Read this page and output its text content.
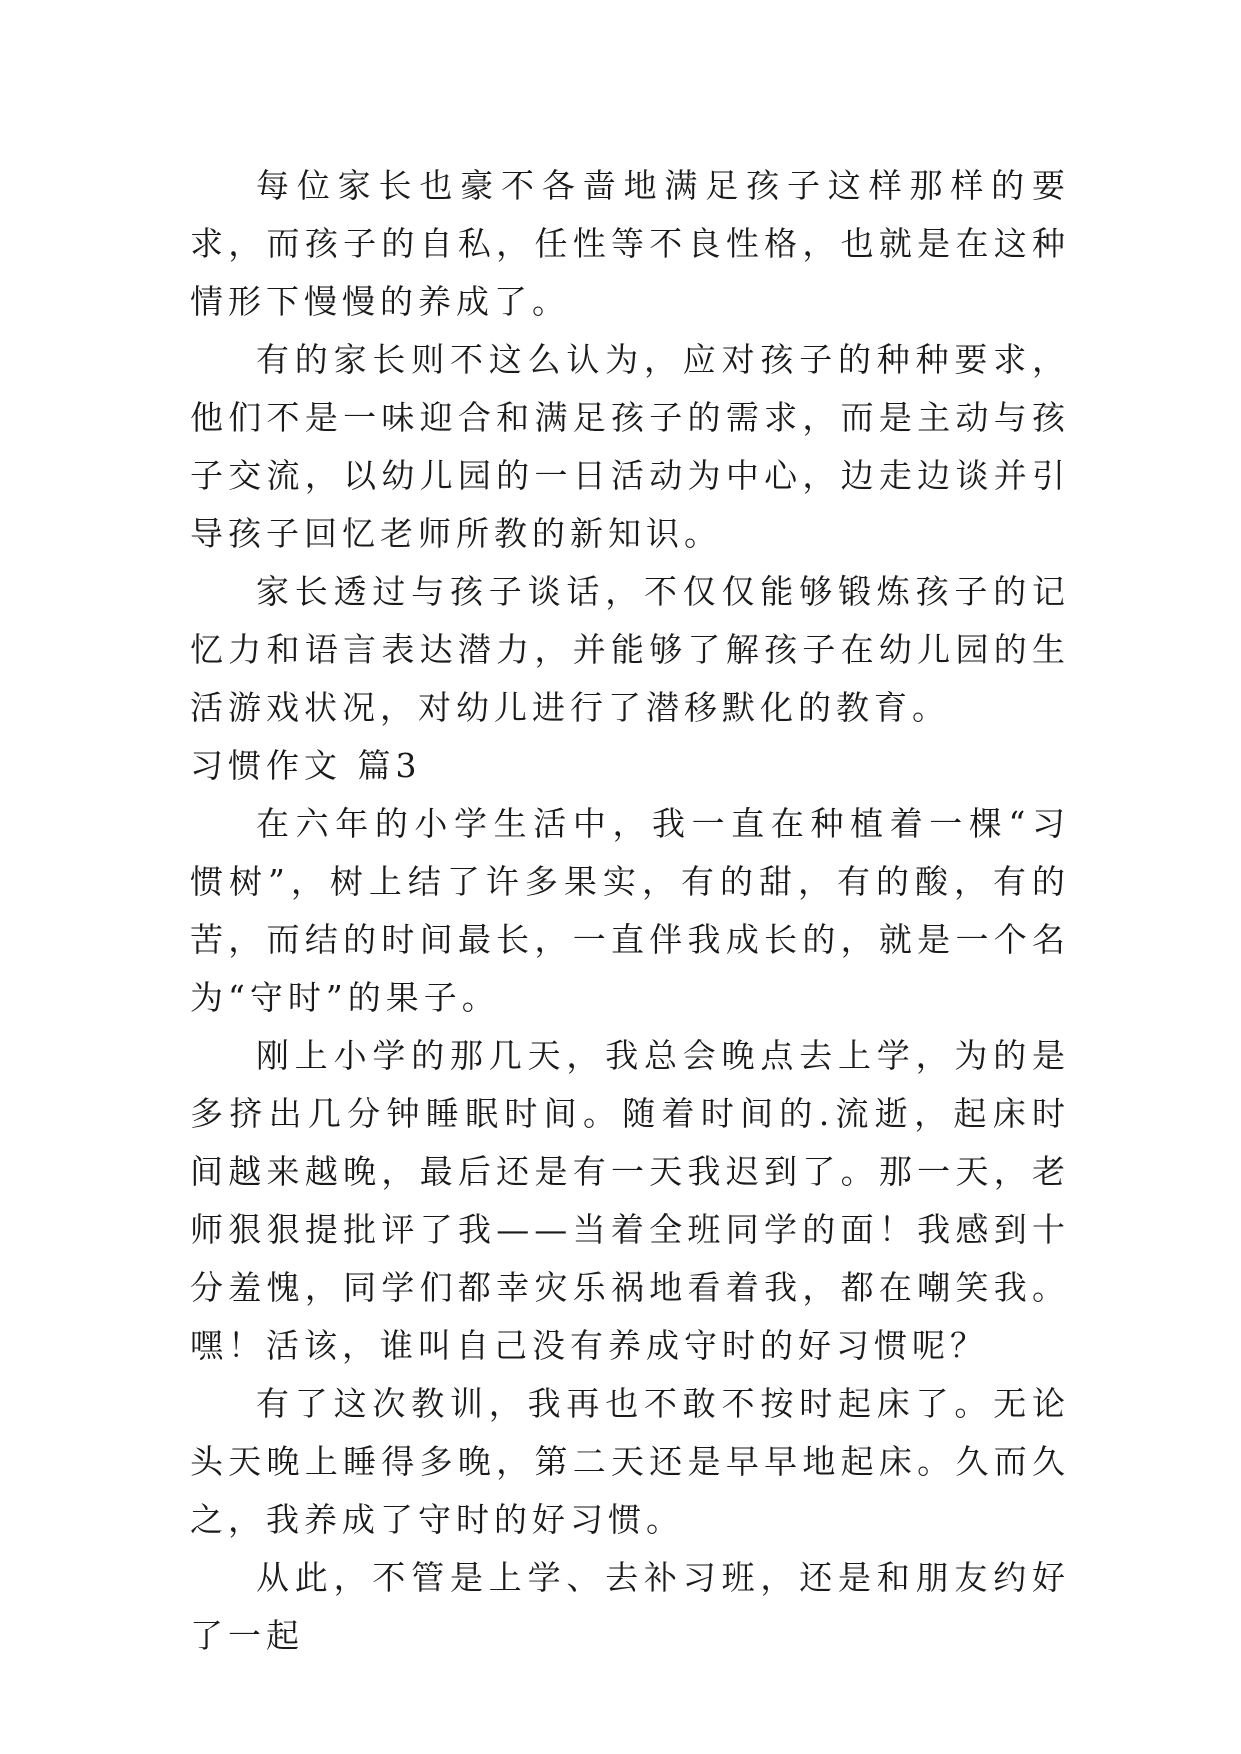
每位家长也豪不各啬地满足孩子这样那样的要求，而孩子的自私，任性等不良性格，也就是在这种情形下慢慢的养成了。

有的家长则不这么认为，应对孩子的种种要求，他们不是一味迎合和满足孩子的需求，而是主动与孩子交流，以幼儿园的一日活动为中心，边走边谈并引导孩子回忆老师所教的新知识。

家长透过与孩子谈话，不仅仅能够锻炼孩子的记忆力和语言表达潜力，并能够了解孩子在幼儿园的生活游戏状况，对幼儿进行了潜移默化的教育。

习惯作文 篇3

在六年的小学生活中，我一直在种植着一棵“习惯树”，树上结了许多果实，有的甜，有的酸，有的苦，而结的时间最长，一直伴我成长的，就是一个名为“守时”的果子。

刚上小学的那几天，我总会晚点去上学，为的是多挤出几分钟睡眠时间。随着时间的.流逝，起床时间越来越晚，最后还是有一天我迟到了。那一天，老师狠狠提批评了我——当着全班同学的面！我感到十分羞愧，同学们都幸灾乐祸地看着我，都在嘲笑我。嘿！活该，谁叫自己没有养成守时的好习惯呢？

有了这次教训，我再也不敢不按时起床了。无论头天晚上睡得多晚，第二天还是早早地起床。久而久之，我养成了守时的好习惯。

从此，不管是上学、去补习班，还是和朋友约好了一起
